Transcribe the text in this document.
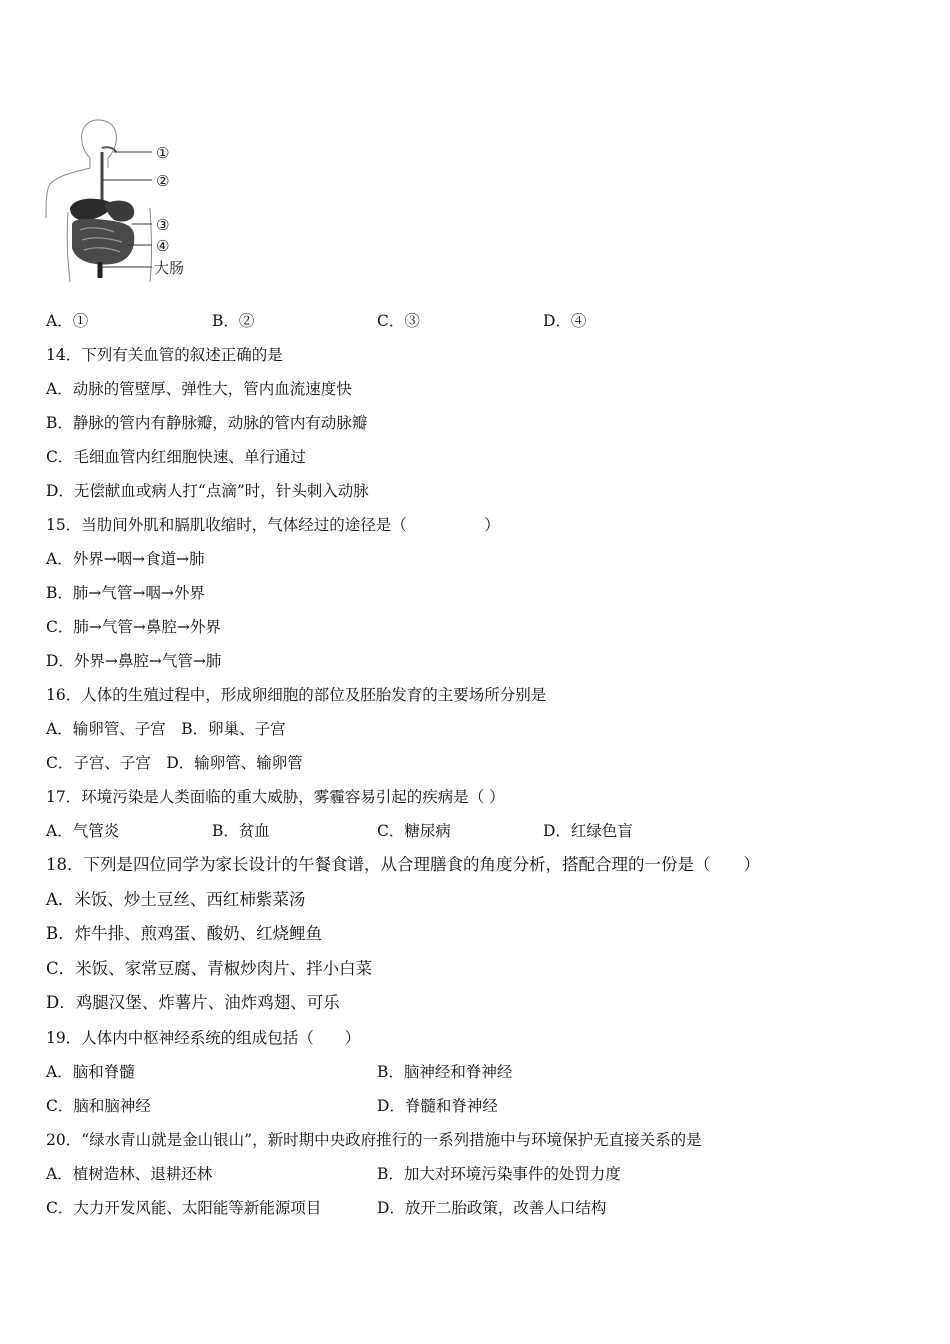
①
②
③
④
大肠
A．①	B．②	C．③	D．④
14．下列有关血管的叙述正确的是
A．动脉的管壁厚、弹性大，管内血流速度快
B．静脉的管内有静脉瓣，动脉的管内有动脉瓣
C．毛细血管内红细胞快速、单行通过
D．无偿献血或病人打“点滴”时，针头刺入动脉
15．当肋间外肌和膈肌收缩时，气体经过的途径是（　　　　　）
A．外界→咽→食道→肺
B．肺→气管→咽→外界
C．肺→气管→鼻腔→外界
D．外界→鼻腔→气管→肺
16．人体的生殖过程中，形成卵细胞的部位及胚胎发育的主要场所分别是
A．输卵管、子宫　B．卵巢、子宫
C．子宫、子宫　D．输卵管、输卵管
17．环境污染是人类面临的重大威胁，雾霾容易引起的疾病是（ ）
A．气管炎	B．贫血	C．糖尿病	D．红绿色盲
18．下列是四位同学为家长设计的午餐食谱，从合理膳食的角度分析，搭配合理的一份是（　　）
A．米饭、炒土豆丝、西红柿紫菜汤
B．炸牛排、煎鸡蛋、酸奶、红烧鲤鱼
C．米饭、家常豆腐、青椒炒肉片、拌小白菜
D．鸡腿汉堡、炸薯片、油炸鸡翅、可乐
19．人体内中枢神经系统的组成包括（　　）
A．脑和脊髓	B．脑神经和脊神经
C．脑和脑神经	D．脊髓和脊神经
20．“绿水青山就是金山银山”，新时期中央政府推行的一系列措施中与环境保护无直接关系的是
A．植树造林、退耕还林	B．加大对环境污染事件的处罚力度
C．大力开发风能、太阳能等新能源项目	D．放开二胎政策，改善人口结构
